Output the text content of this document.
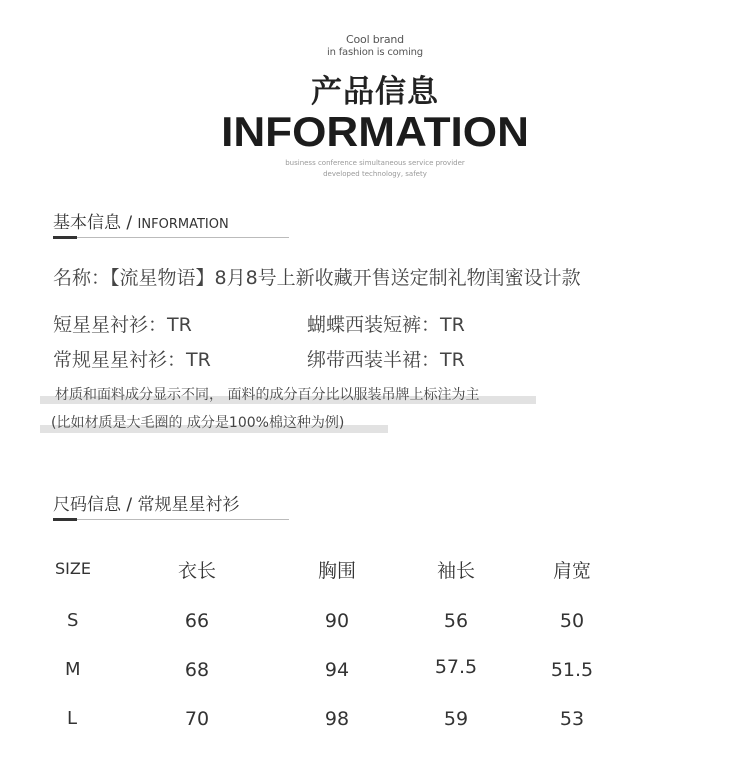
Cool brand
in fashion is coming
产品信息
INFORMATION
business conference simultaneous service provider
developed technology, safety
基本信息 / INFORMATION
名称：【流星物语】8月8号上新收藏开售送定制礼物闺蜜设计款
短星星衬衫：TR	蝴蝶西装短裤：TR
常规星星衬衫：TR	绑带西装半裙：TR
材质和面料成分显示不同， 面料的成分百分比以服装吊牌上标注为主
(比如材质是大毛圈的 成分是100%棉这种为例)
尺码信息 / 常规星星衬衫
SIZE	衣长	胸围	袖长	肩宽
S	66	90	56	50
M	68	94	57.5	51.5
L	70	98	59	53
